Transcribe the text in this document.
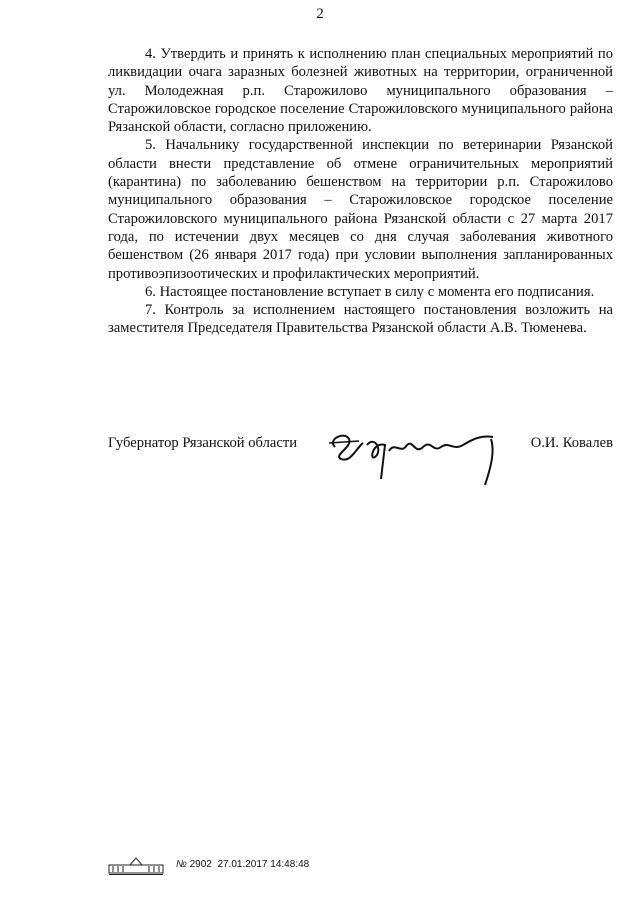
2

4. Утвердить и принять к исполнению план специальных мероприятий по ликвидации очага заразных болезней животных на территории, ограниченной ул. Молодежная р.п. Старожилово муниципального образования – Старожиловское городское поселение Старожиловского муниципального района Рязанской области, согласно приложению.

5. Начальнику государственной инспекции по ветеринарии Рязанской области внести представление об отмене ограничительных мероприятий (карантина) по заболеванию бешенством на территории р.п. Старожилово муниципального образования – Старожиловское городское поселение Старожиловского муниципального района Рязанской области с 27 марта 2017 года, по истечении двух месяцев со дня случая заболевания животного бешенством (26 января 2017 года) при условии выполнения запланированных противоэпизоотических и профилактических мероприятий.

6. Настоящее постановление вступает в силу с момента его подписания.

7. Контроль за исполнением настоящего постановления возложить на заместителя Председателя Правительства Рязанской области А.В. Тюменева.

Губернатор Рязанской области	О.И. Ковалев
№ 2902 27.01.2017 14:48:48
